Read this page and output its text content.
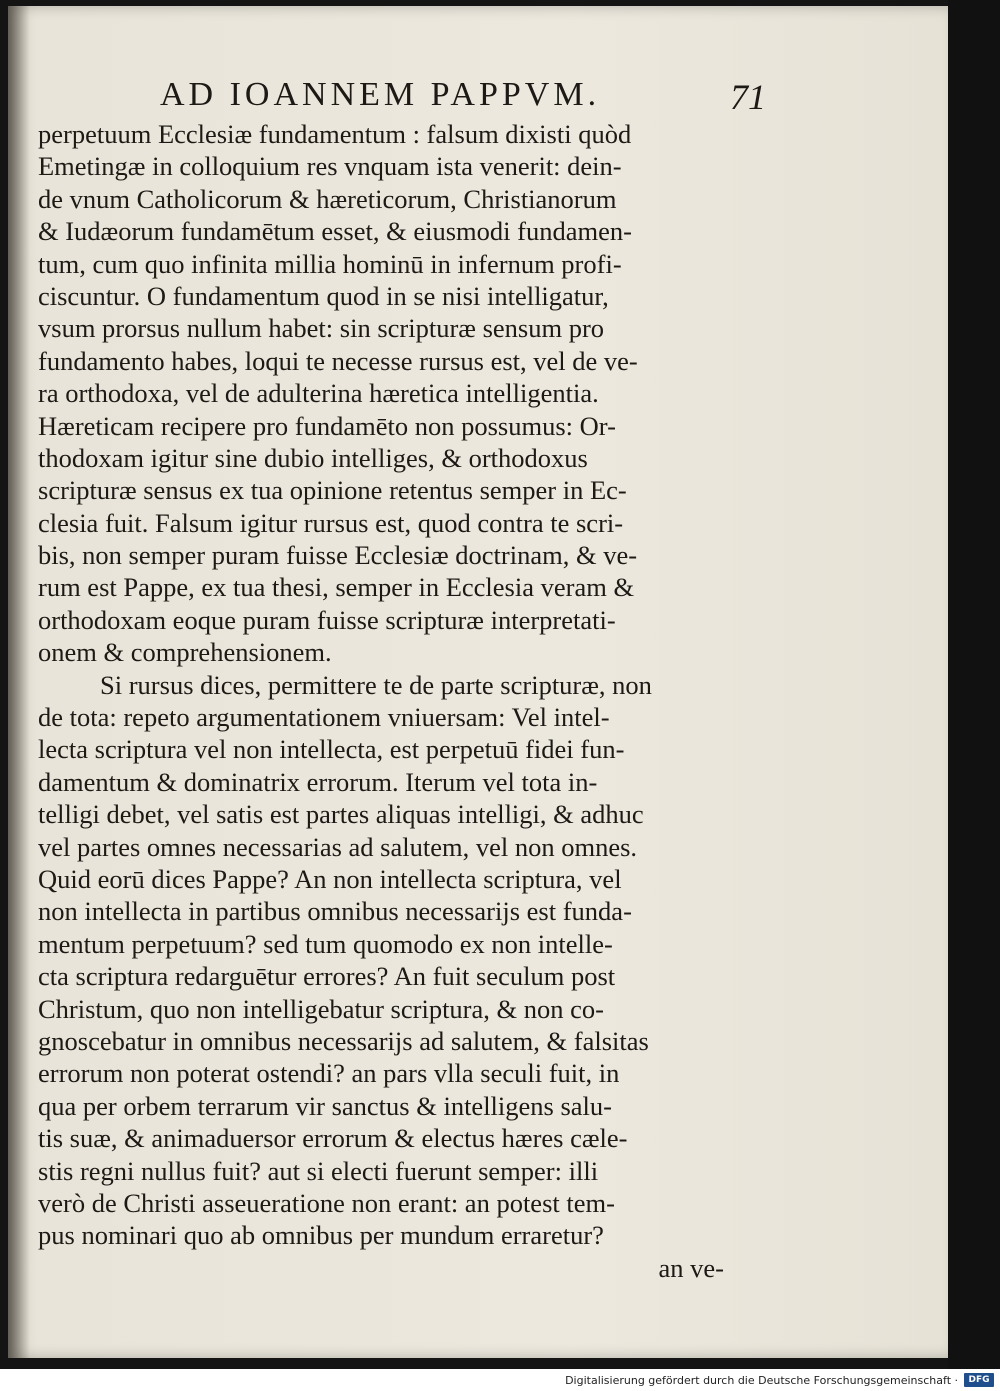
AD IOANNEM PAPPVM.	71
perpetuum Ecclesiæ fundamentum : falsum dixisti quòd
Emetingæ in colloquium res vnquam ista venerit: dein-
de vnum Catholicorum & hæreticorum, Christianorum
& Iudæorum fundamētum esset, & eiusmodi fundamen-
tum, cum quo infinita millia hominū in infernum profi-
ciscuntur. O fundamentum quod in se nisi intelligatur,
vsum prorsus nullum habet: sin scripturæ sensum pro
fundamento habes, loqui te necesse rursus est, vel de ve-
ra orthodoxa, vel de adulterina hæretica intelligentia.
Hæreticam recipere pro fundamēto non possumus: Or-
thodoxam igitur sine dubio intelliges, & orthodoxus
scripturæ sensus ex tua opinione retentus semper in Ec-
clesia fuit. Falsum igitur rursus est, quod contra te scri-
bis, non semper puram fuisse Ecclesiæ doctrinam, & ve-
rum est Pappe, ex tua thesi, semper in Ecclesia veram &
orthodoxam eoque puram fuisse scripturæ interpretati-
onem & comprehensionem.
Si rursus dices, permittere te de parte scripturæ, non
de tota: repeto argumentationem vniuersam: Vel intel-
lecta scriptura vel non intellecta, est perpetuū fidei fun-
damentum & dominatrix errorum. Iterum vel tota in-
telligi debet, vel satis est partes aliquas intelligi, & adhuc
vel partes omnes necessarias ad salutem, vel non omnes.
Quid eorū dices Pappe? An non intellecta scriptura, vel
non intellecta in partibus omnibus necessarijs est funda-
mentum perpetuum? sed tum quomodo ex non intelle-
cta scriptura redarguētur errores? An fuit seculum post
Christum, quo non intelligebatur scriptura, & non co-
gnoscebatur in omnibus necessarijs ad salutem, & falsitas
errorum non poterat ostendi? an pars vlla seculi fuit, in
qua per orbem terrarum vir sanctus & intelligens salu-
tis suæ, & animaduersor errorum & electus hæres cæle-
stis regni nullus fuit? aut si electi fuerunt semper: illi
verò de Christi asseueratione non erant: an potest tem-
pus nominari quo ab omnibus per mundum erraretur?
an ve-
Digitalisierung gefördert durch die Deutsche Forschungsgemeinschaft ·	DFG
